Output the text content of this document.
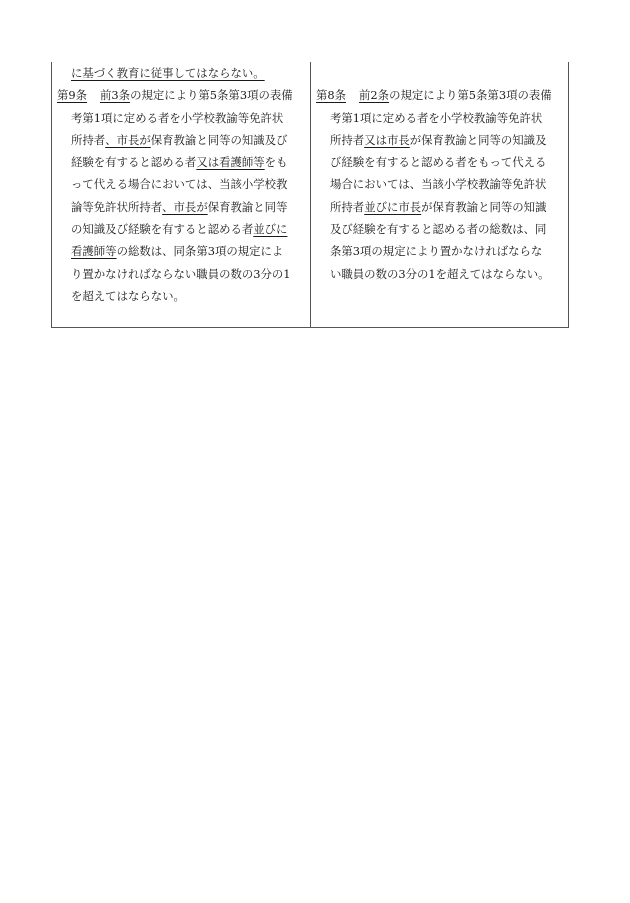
に基づく教育に従事してはならない。
第9条 前3条の規定により第5条第3項の表備
考第1項に定める者を小学校教諭等免許状
所持者、市長が保育教諭と同等の知識及び
経験を有すると認める者又は看護師等をも
って代える場合においては、当該小学校教
論等免許状所持者、市長が保育教諭と同等
の知識及び経験を有すると認める者並びに
看護師等の総数は、同条第3項の規定によ
り置かなければならない職員の数の3分の1
を超えてはならない。
第8条 前2条の規定により第5条第3項の表備
考第1項に定める者を小学校教諭等免許状
所持者又は市長が保育教諭と同等の知識及
び経験を有すると認める者をもって代える
場合においては、当該小学校教諭等免許状
所持者並びに市長が保育教諭と同等の知識
及び経験を有すると認める者の総数は、同
条第3項の規定により置かなければならな
い職員の数の3分の1を超えてはならない。
